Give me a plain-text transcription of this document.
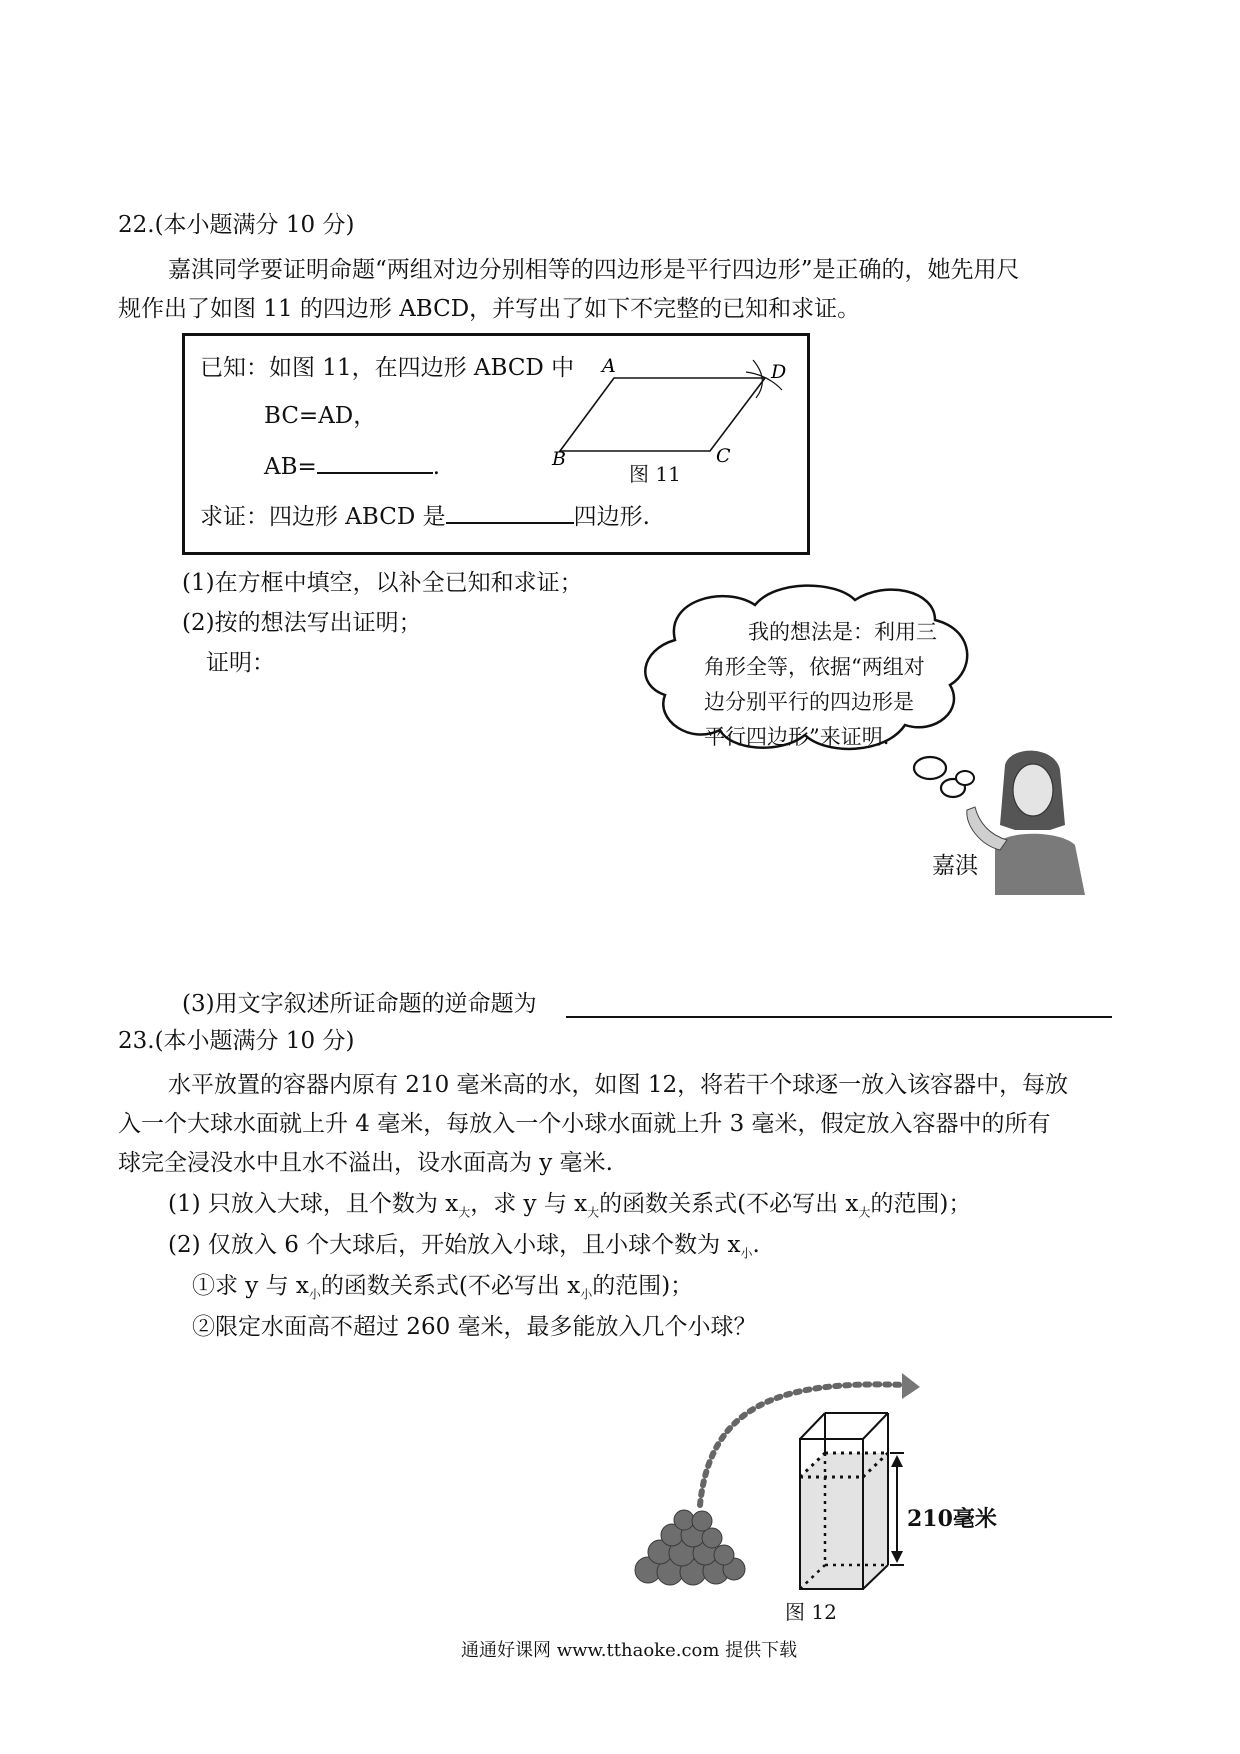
22.(本小题满分 10 分)
嘉淇同学要证明命题“两组对边分别相等的四边形是平行四边形”是正确的，她先用尺
规作出了如图 11 的四边形 ABCD，并写出了如下不完整的已知和求证。
已知：如图 11，在四边形 ABCD 中
BC=AD，
AB=	.
求证：四边形 ABCD 是	四边形.
A	D
B	C
图 11
(1)在方框中填空，以补全已知和求证；
(2)按的想法写出证明；
证明：
我的想法是：利用三
角形全等，依据“两组对
边分别平行的四边形是
平行四边形”来证明.
嘉淇
(3)用文字叙述所证命题的逆命题为
23.(本小题满分 10 分)
水平放置的容器内原有 210 毫米高的水，如图 12，将若干个球逐一放入该容器中，每放
入一个大球水面就上升 4 毫米，每放入一个小球水面就上升 3 毫米，假定放入容器中的所有
球完全浸没水中且水不溢出，设水面高为 y 毫米.
(1) 只放入大球，且个数为 $x_大$，求 y 与 $x_大$的函数关系式(不必写出 $x_大$的范围)；
(2) 仅放入 6 个大球后，开始放入小球，且小球个数为 $x_小$.
①求 y 与 $x_小$的函数关系式(不必写出 $x_小$的范围)；
②限定水面高不超过 260 毫米，最多能放入几个小球？
210毫米
图 12
通通好课网 www.tthaoke.com 提供下载
